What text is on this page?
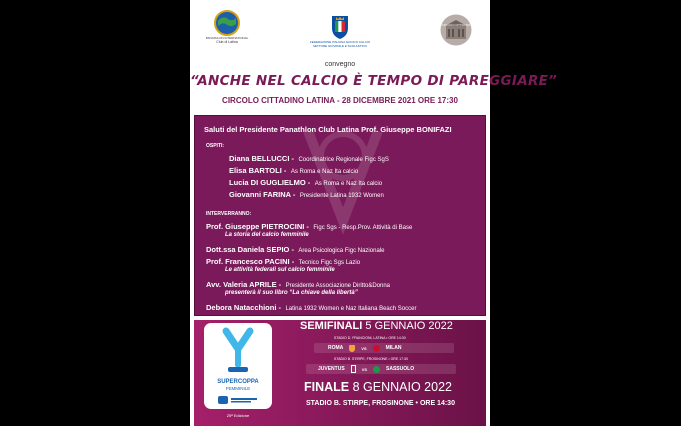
PANATHLON INTERNATIONAL
Club di Latina	FEDERAZIONE ITALIANA GIUOCO CALCIO
SETTORE GIOVANILE E SCOLASTICO
CIRCOLO CITTADINO
convegno
“ANCHE NEL CALCIO È TEMPO DI PAREGGIARE”
CIRCOLO CITTADINO LATINA - 28 DICEMBRE 2021 ORE 17:30
Saluti del Presidente Panathlon Club Latina Prof. Giuseppe BONIFAZI
OSPITI:
Diana BELLUCCI - Coordinatrice Regionale Figc SgS
Elisa BARTOLI - As Roma e Naz Ita calcio
Lucia DI GUGLIELMO - As Roma e Naz Ita calcio
Giovanni FARINA - Presidente Latina 1932 Women
INTERVERRANNO:
Prof. Giuseppe PIETROCINI - Figc Sgs - Resp.Prov. Attività di Base
La storia del calcio femminile
Dott.ssa Daniela SEPIO - Area Psicologica Figc Nazionale
Prof. Francesco PACINI - Tecnico Figc Sgs Lazio
Le attività federali sul calcio femminile
Avv. Valeria APRILE - Presidente Associazione Diritto&Donna
presenterà il suo libro “La chiave della libertà”
Debora Natacchioni - Latina 1932 Women e Naz Italiana Beach Soccer
SUPERCOPPA
FEMMINILE
25ª Edizione
SEMIFINALI 5 GENNAIO 2022
STADIO D. FRANCIONI, LATINA • ORE 14:30
ROMA	VS	MILAN
STADIO B. STIRPE, FROSINONE • ORE 17:30
JUVENTUS	VS	SASSUOLO
FINALE 8 GENNAIO 2022
STADIO B. STIRPE, FROSINONE • ORE 14:30
